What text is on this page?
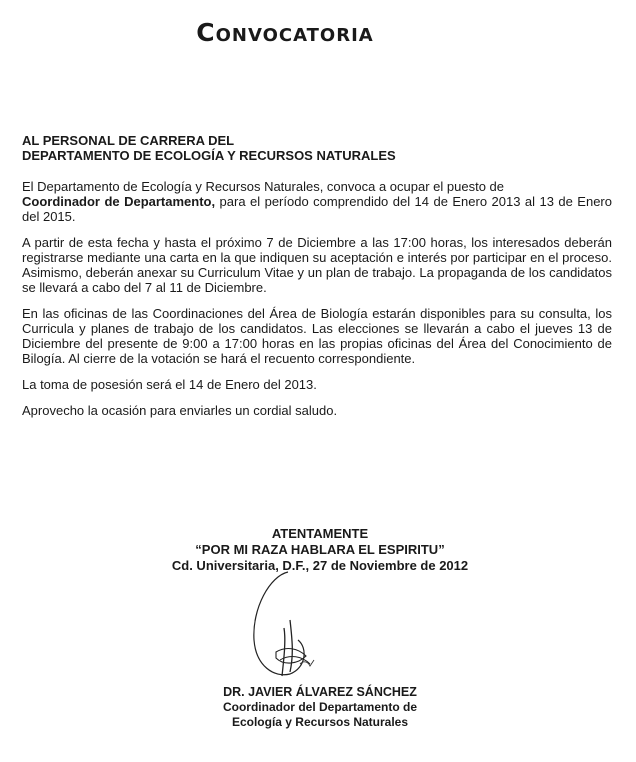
Convocatoria
AL PERSONAL DE CARRERA DEL
DEPARTAMENTO DE ECOLOGÍA Y RECURSOS NATURALES

El Departamento de Ecología y Recursos Naturales, convoca a ocupar el puesto de
Coordinador de Departamento, para el período comprendido del 14 de Enero 2013 al 13 de Enero del 2015.

A partir de esta fecha y hasta el próximo 7 de Diciembre a las 17:00 horas, los interesados deberán registrarse mediante una carta en la que indiquen su aceptación e interés por participar en el proceso. Asimismo, deberán anexar su Curriculum Vitae y un plan de trabajo. La propaganda de los candidatos se llevará a cabo del 7 al 11 de Diciembre.

En las oficinas de las Coordinaciones del Área de Biología estarán disponibles para su consulta, los Curricula y planes de trabajo de los candidatos. Las elecciones se llevarán a cabo el jueves 13 de Diciembre del presente de 9:00 a 17:00 horas en las propias oficinas del Área del Conocimiento de Bilogía. Al cierre de la votación se hará el recuento correspondiente.

La toma de posesión será el 14 de Enero del 2013.

Aprovecho la ocasión para enviarles un cordial saludo.

ATENTAMENTE
“POR MI RAZA HABLARA EL ESPIRITU”
Cd. Universitaria, D.F., 27 de Noviembre de 2012
DR. JAVIER ÁLVAREZ SÁNCHEZ
Coordinador del Departamento de
Ecología y Recursos Naturales
